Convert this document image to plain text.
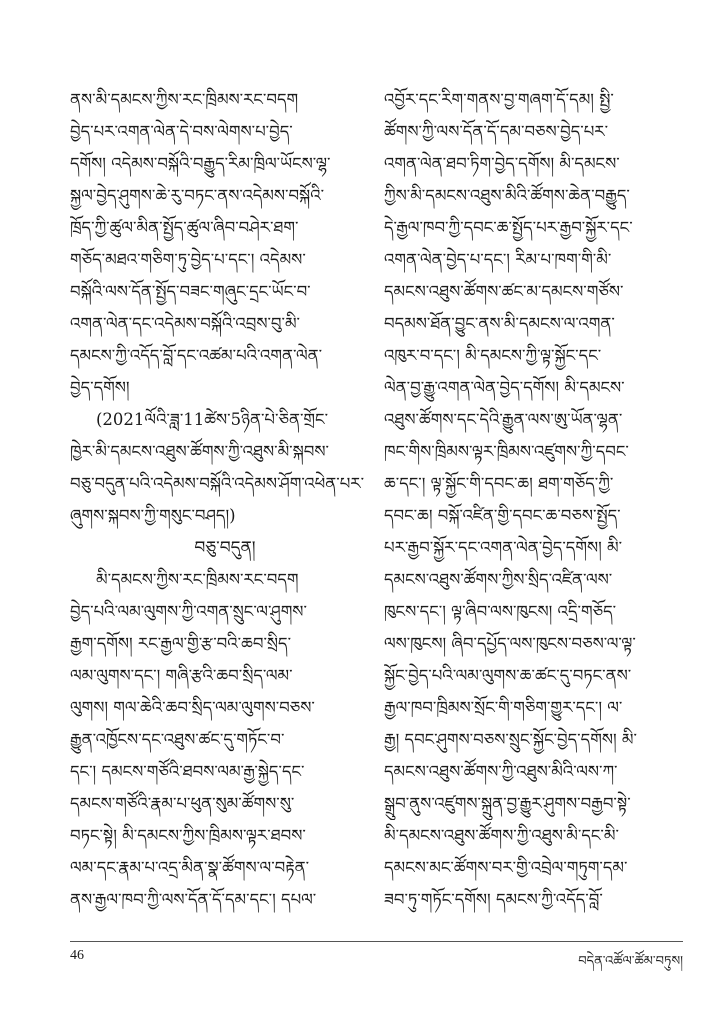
ནས་མི་དམངས་ཀྱིས་རང་ཁྲིམས་རང་བདག
བྱེད་པར་འགན་ལེན་དེ་བས་ལེགས་པ་བྱེད་
དགོས། འདེམས་བསྐོའི་བརྒྱུད་རིམ་ཁྲིལ་ཡོངས་ལྷ་
སྐྱལ་བྱེད་ཤུགས་ཆེ་རུ་བཏང་ནས་འདེམས་བསྐོའི་
ཁྲོད་ཀྱི་ཚུལ་མིན་སྤྱོད་ཚུལ་ཞིབ་བཤེར་ཐག་
གཅོད་མཐའ་གཅིག་ཏུ་བྱེད་པ་དང་། འདེམས་
བསྐོའི་ལས་དོན་སྤྱོད་བཟང་གཞུང་དྲང་ཡོང་བ་
འགན་ལེན་དང་འདེམས་བསྐོའི་འབྲས་བུ་མི་
དམངས་ཀྱི་འདོད་བློ་དང་འཚམ་པའི་འགན་ལེན་
བྱེད་དགོས།
(2021ལོའི་ཟླ་11ཚེས་5ཉིན་པེ་ཅིན་གྲོང་
ཁྱེར་མི་དམངས་འཐུས་ཚོགས་ཀྱི་འཐུས་མི་སྐབས་
བཅུ་བདུན་པའི་འདེམས་བསྐོའི་འདེམས་ཤོག་འཕེན་པར་
ཞུགས་སྐབས་ཀྱི་གསུང་བཤད།)
བཅུ་བདུན།
མི་དམངས་ཀྱིས་རང་ཁྲིམས་རང་བདག
བྱེད་པའི་ལམ་ལུགས་ཀྱི་འགན་སྲུང་ལ་ཤུགས་
རྒྱག་དགོས། རང་རྒྱལ་གྱི་རྩ་བའི་ཆབ་སྲིད་
ལམ་ལུགས་དང་། གཞི་རྩའི་ཆབ་སྲིད་ལམ་
ལུགས། གལ་ཆེའི་ཆབ་སྲིད་ལམ་ལུགས་བཅས་
རྒྱུན་འཁྱོངས་དང་འཐུས་ཚང་དུ་གཏོང་བ་
དང་། དམངས་གཙོའི་ཐབས་ལམ་རྒྱ་སྐྱེད་དང་
དམངས་གཙོའི་རྣམ་པ་ཕུན་སུམ་ཚོགས་སུ་
བཏང་སྟེ། མི་དམངས་ཀྱིས་ཁྲིམས་ལྟར་ཐབས་
ལམ་དང་རྣམ་པ་འདྲ་མིན་སྣ་ཚོགས་ལ་བརྟེན་
ནས་རྒྱལ་ཁབ་ཀྱི་ལས་དོན་དོ་དམ་དང་། དཔལ་
འབྱོར་དང་རིག་གནས་བྱ་གཞག་དོ་དམ། སྤྱི་
ཚོགས་ཀྱི་ལས་དོན་དོ་དམ་བཅས་བྱེད་པར་
འགན་ལེན་ཐབ་ཏིག་བྱེད་དགོས། མི་དམངས་
ཀྱིས་མི་དམངས་འཐུས་མིའི་ཚོགས་ཆེན་བརྒྱུད་
དེ་རྒྱལ་ཁབ་ཀྱི་དབང་ཆ་སྤྱོད་པར་རྒྱབ་སྐྱོར་དང་
འགན་ལེན་བྱེད་པ་དང་། རིམ་པ་ཁག་གི་མི་
དམངས་འཐུས་ཚོགས་ཚང་མ་དམངས་གཙོས་
བདམས་ཐོན་བྱུང་ནས་མི་དམངས་ལ་འགན་
འཁུར་བ་དང་། མི་དམངས་ཀྱི་ལྟ་སྐྱོང་དང་
ལེན་བྱ་རྒྱུ་འགན་ལེན་བྱེད་དགོས། མི་དམངས་
འཐུས་ཚོགས་དང་དེའི་རྒྱུན་ལས་ཨུ་ཡོན་ལྷན་
ཁང་གིས་ཁྲིམས་ལྟར་ཁྲིམས་འཛུགས་ཀྱི་དབང་
ཆ་དང་། ལྟ་སྐྱོང་གི་དབང་ཆ། ཐག་གཅོད་ཀྱི་
དབང་ཆ། བསྐོ་འཛིན་གྱི་དབང་ཆ་བཅས་སྤྱོད་
པར་རྒྱབ་སྐྱོར་དང་འགན་ལེན་བྱེད་དགོས། མི་
དམངས་འཐུས་ཚོགས་ཀྱིས་སྲིད་འཛིན་ལས་
ཁུངས་དང་། ལྟ་ཞིབ་ལས་ཁུངས། འདྲི་གཅོད་
ལས་ཁུངས། ཞིབ་དཔྱོད་ལས་ཁུངས་བཅས་ལ་ལྟ་
སྐྱོང་བྱེད་པའི་ལམ་ལུགས་ཆ་ཚང་དུ་བཏང་ནས་
རྒྱལ་ཁབ་ཁྲིམས་སྲོང་གི་གཅིག་གྱུར་དང་། ལ་
རྒྱ། དབང་ཤུགས་བཅས་སྲུང་སྐྱོང་བྱེད་དགོས། མི་
དམངས་འཐུས་ཚོགས་ཀྱི་འཐུས་མིའི་ལས་ཀ་
སྒྲུབ་ནུས་འཛུགས་སྐྲུན་བྱ་རྒྱུར་ཤུགས་བརྒྱབ་སྟེ་
མི་དམངས་འཐུས་ཚོགས་ཀྱི་འཐུས་མི་དང་མི་
དམངས་མང་ཚོགས་བར་གྱི་འབྲེལ་གཏུག་དམ་
ཟབ་ཏུ་གཏོང་དགོས། དམངས་ཀྱི་འདོད་བློ་
46	བདེན་འཚོལ་ཚོམ་བཏུས།
